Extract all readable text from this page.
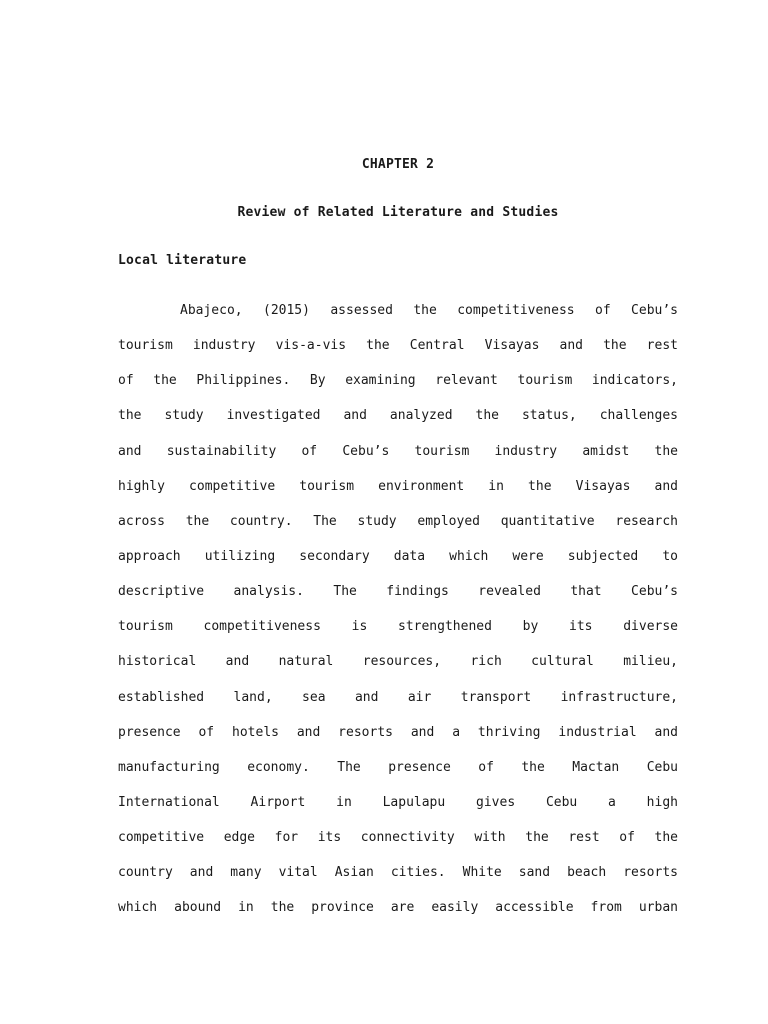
CHAPTER 2
Review of Related Literature and Studies
Local literature
Abajeco, (2015) assessed the competitiveness of Cebu’s
tourism industry vis-a-vis the Central Visayas and the rest
of the Philippines. By examining relevant tourism indicators,
the study investigated and analyzed the status, challenges
and sustainability of Cebu’s tourism industry amidst the
highly competitive tourism environment in the Visayas and
across the country. The study employed quantitative research
approach utilizing secondary data which were subjected to
descriptive analysis. The findings revealed that Cebu’s
tourism competitiveness is strengthened by its diverse
historical and natural resources, rich cultural milieu,
established land, sea and air transport infrastructure,
presence of hotels and resorts and a thriving industrial and
manufacturing economy. The presence of the Mactan Cebu
International Airport in Lapulapu gives Cebu a high
competitive edge for its connectivity with the rest of the
country and many vital Asian cities. White sand beach resorts
which abound in the province are easily accessible from urban
